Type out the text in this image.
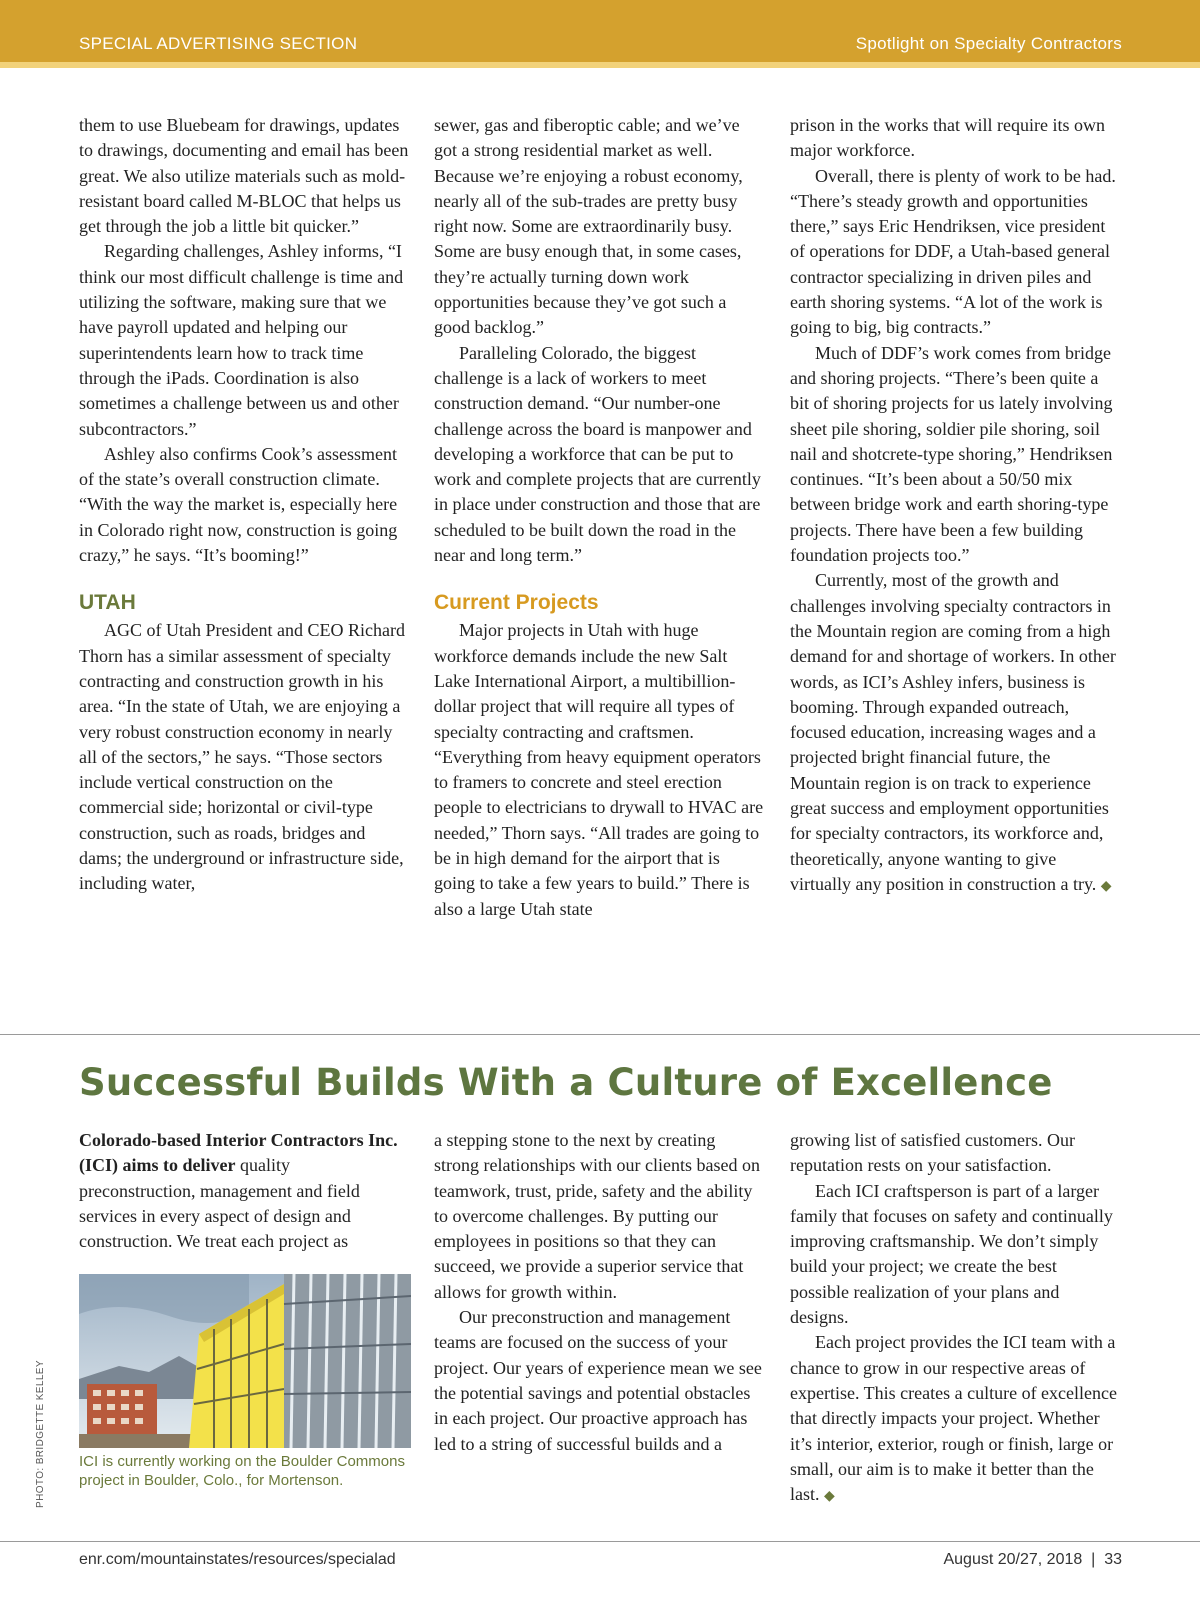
SPECIAL ADVERTISING SECTION	Spotlight on Specialty Contractors

them to use Bluebeam for drawings, updates to drawings, documenting and email has been great. We also utilize materials such as mold-resistant board called M-BLOC that helps us get through the job a little bit quicker.”

Regarding challenges, Ashley informs, “I think our most difficult challenge is time and utilizing the software, making sure that we have payroll updated and helping our superintendents learn how to track time through the iPads. Coordination is also sometimes a challenge between us and other subcontractors.”

Ashley also confirms Cook’s assessment of the state’s overall construction climate. “With the way the market is, especially here in Colorado right now, construction is going crazy,” he says. “It’s booming!”

UTAH

AGC of Utah President and CEO Richard Thorn has a similar assessment of specialty contracting and construction growth in his area. “In the state of Utah, we are enjoying a very robust construction economy in nearly all of the sectors,” he says. “Those sectors include vertical construction on the commercial side; horizontal or civil-type construction, such as roads, bridges and dams; the underground or infrastructure side, including water,

sewer, gas and fiberoptic cable; and we’ve got a strong residential market as well. Because we’re enjoying a robust economy, nearly all of the sub-trades are pretty busy right now. Some are extraordinarily busy. Some are busy enough that, in some cases, they’re actually turning down work opportunities because they’ve got such a good backlog.”

Paralleling Colorado, the biggest challenge is a lack of workers to meet construction demand. “Our number-one challenge across the board is manpower and developing a workforce that can be put to work and complete projects that are currently in place under construction and those that are scheduled to be built down the road in the near and long term.”

Current Projects

Major projects in Utah with huge workforce demands include the new Salt Lake International Airport, a multibillion-dollar project that will require all types of specialty contracting and craftsmen. “Everything from heavy equipment operators to framers to concrete and steel erection people to electricians to drywall to HVAC are needed,” Thorn says. “All trades are going to be in high demand for the airport that is going to take a few years to build.” There is also a large Utah state

prison in the works that will require its own major workforce.

Overall, there is plenty of work to be had. “There’s steady growth and opportunities there,” says Eric Hendriksen, vice president of operations for DDF, a Utah-based general contractor specializing in driven piles and earth shoring systems. “A lot of the work is going to big, big contracts.”

Much of DDF’s work comes from bridge and shoring projects. “There’s been quite a bit of shoring projects for us lately involving sheet pile shoring, soldier pile shoring, soil nail and shotcrete-type shoring,” Hendriksen continues. “It’s been about a 50/50 mix between bridge work and earth shoring-type projects. There have been a few building foundation projects too.”

Currently, most of the growth and challenges involving specialty contractors in the Mountain region are coming from a high demand for and shortage of workers. In other words, as ICI’s Ashley infers, business is booming. Through expanded outreach, focused education, increasing wages and a projected bright financial future, the Mountain region is on track to experience great success and employment opportunities for specialty contractors, its workforce and, theoretically, anyone wanting to give virtually any position in construction a try. ◆

Successful Builds With a Culture of Excellence

Colorado-based Interior Contractors Inc. (ICI) aims to deliver quality preconstruction, management and field services in every aspect of design and construction. We treat each project as

ICI is currently working on the Boulder Commons project in Boulder, Colo., for Mortenson.
PHOTO: BRIDGETTE KELLEY

a stepping stone to the next by creating strong relationships with our clients based on teamwork, trust, pride, safety and the ability to overcome challenges. By putting our employees in positions so that they can succeed, we provide a superior service that allows for growth within.

Our preconstruction and management teams are focused on the success of your project. Our years of experience mean we see the potential savings and potential obstacles in each project. Our proactive approach has led to a string of successful builds and a

growing list of satisfied customers. Our reputation rests on your satisfaction.

Each ICI craftsperson is part of a larger family that focuses on safety and continually improving craftsmanship. We don’t simply build your project; we create the best possible realization of your plans and designs.

Each project provides the ICI team with a chance to grow in our respective areas of expertise. This creates a culture of excellence that directly impacts your project. Whether it’s interior, exterior, rough or finish, large or small, our aim is to make it better than the last. ◆

enr.com/mountainstates/resources/specialad	August 20/27, 2018  |  33
